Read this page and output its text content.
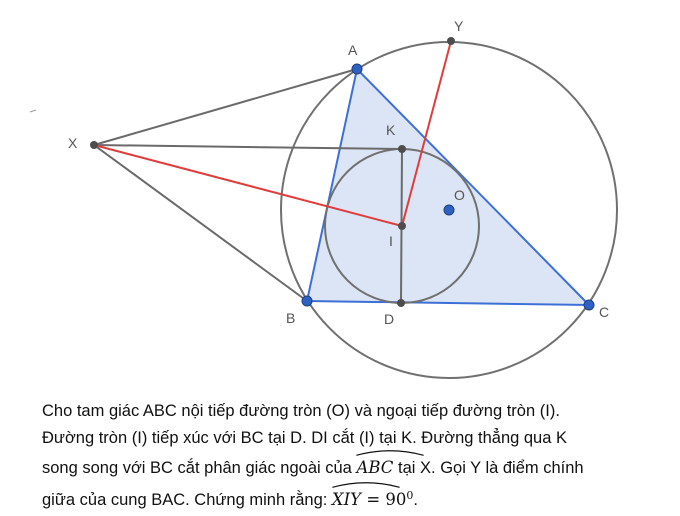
A
B	C
D
I
K
O
X
Y

Cho tam giác ABC nội tiếp đường tròn (O) và ngoại tiếp đường tròn (I).

Đường tròn (I) tiếp xúc với BC tại D. DI cắt (I) tại K. Đường thẳng qua K

song song với BC cắt phân giác ngoài của
ABC tại X. Gọi Y là điểm chính

giữa của cung BAC. Chứng minh rằng:
XIY = $90^0$.
